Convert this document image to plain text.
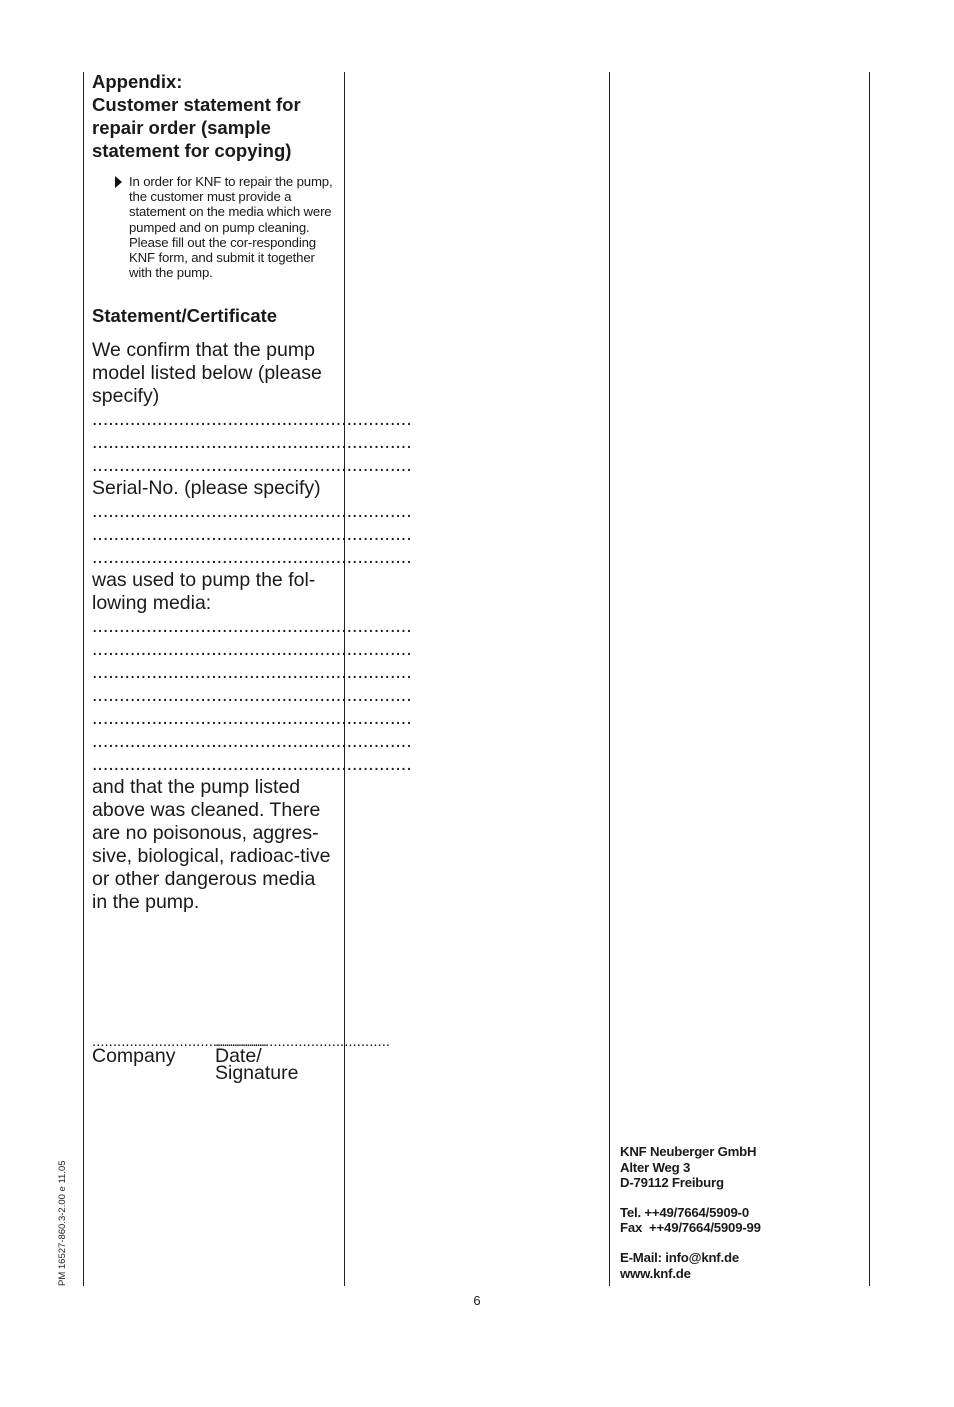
Appendix:
Customer statement for
repair order (sample
statement for copying)
In order for KNF to repair the pump, the customer must provide a statement on the media which were pumped and on pump cleaning. Please fill out the cor-responding KNF form, and submit it together with the pump.
Statement/Certificate
We confirm that the pump model listed below (please specify)
...........................................................
...........................................................
...........................................................
Serial-No. (please specify)
...........................................................
...........................................................
...........................................................
was used to pump the fol-lowing media:
...........................................................
...........................................................
...........................................................
...........................................................
...........................................................
...........................................................
...........................................................
and that the pump listed above was cleaned. There are no poisonous, aggres-sive, biological, radioac-tive or other dangerous media in the pump.
..........................................
..........................................
Company Date/ Signature
KNF Neuberger GmbH
Alter Weg 3
D-79112 Freiburg
Tel. ++49/7664/5909-0
Fax  ++49/7664/5909-99
E-Mail: info@knf.de
www.knf.de
6
PM 16527-860.3-2.00 e 11.05
